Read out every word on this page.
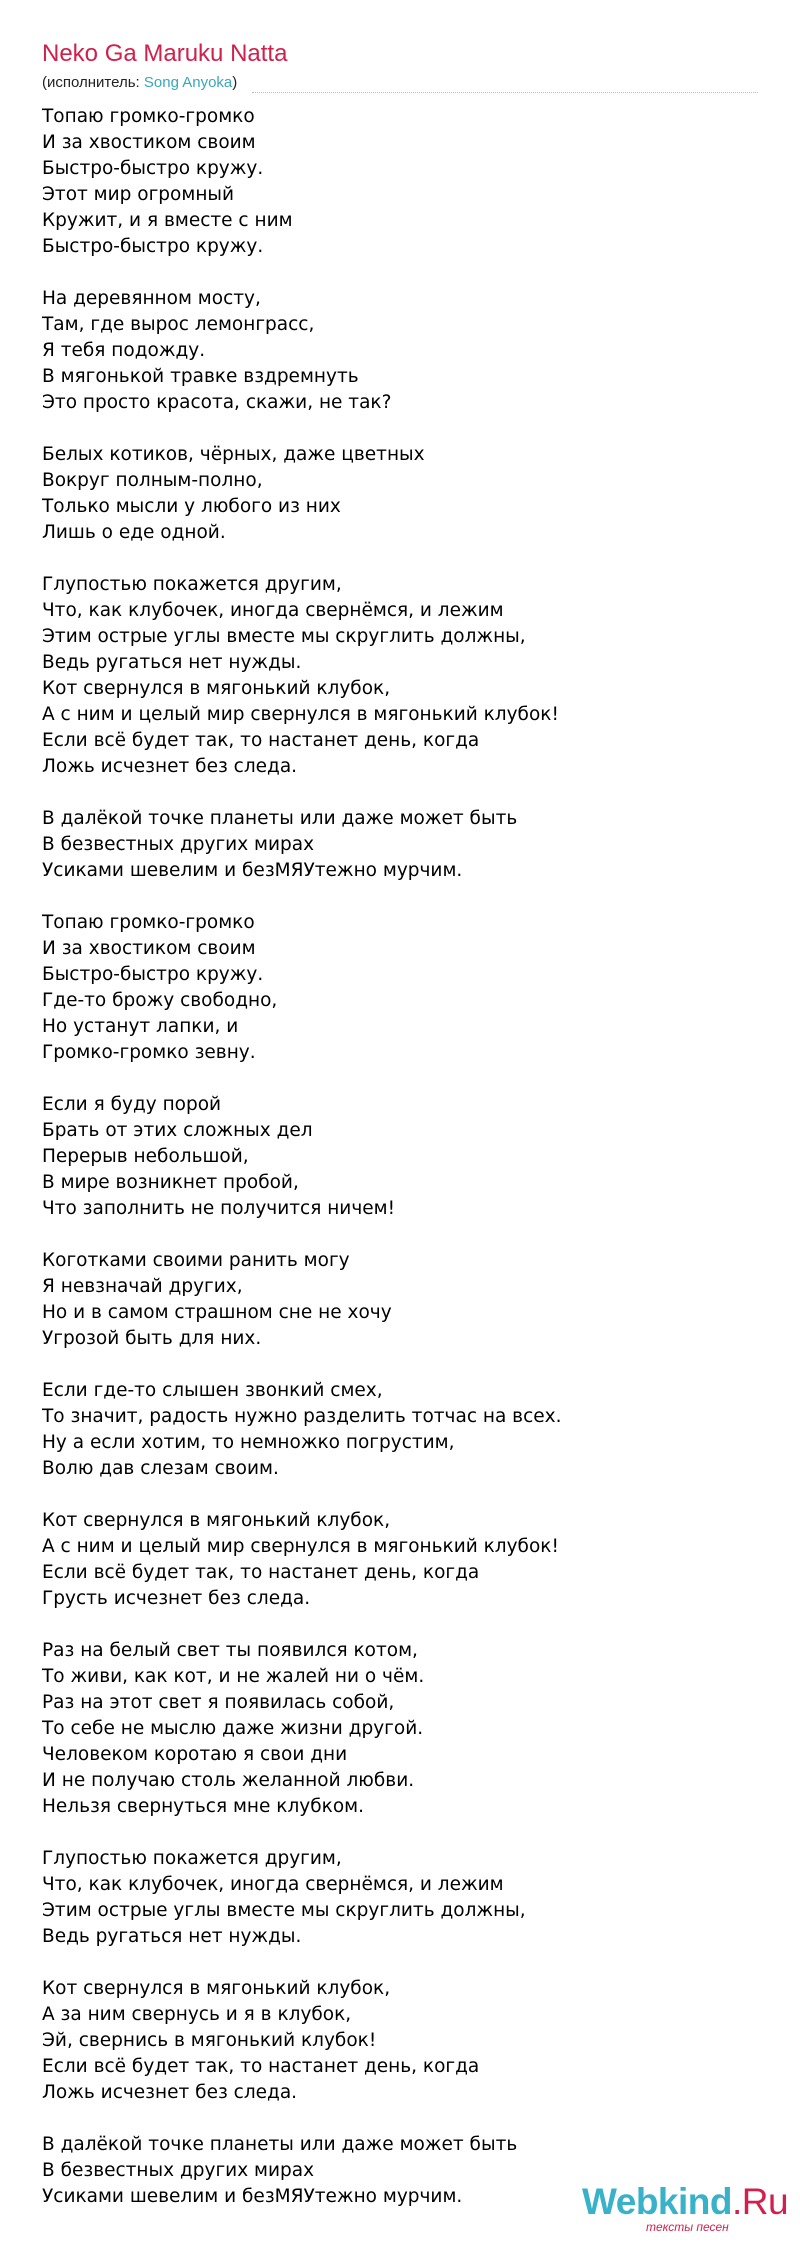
Neko Ga Maruku Natta
(исполнитель: Song Anyoka)
Топаю громко-громко
И за хвостиком своим
Быстро-быстро кружу.
Этот мир огромный
Кружит, и я вместе с ним
Быстро-быстро кружу.
На деревянном мосту,
Там, где вырос лемонграсс,
Я тебя подожду.
В мягонькой травке вздремнуть
Это просто красота, скажи, не так?
Белых котиков, чёрных, даже цветных
Вокруг полным-полно,
Только мысли у любого из них
Лишь о еде одной.
Глупостью покажется другим,
Что, как клубочек, иногда свернёмся, и лежим
Этим острые углы вместе мы скруглить должны,
Ведь ругаться нет нужды.
Кот свернулся в мягонький клубок,
А с ним и целый мир свернулся в мягонький клубок!
Если всё будет так, то настанет день, когда
Ложь исчезнет без следа.
В далёкой точке планеты или даже может быть
В безвестных других мирах
Усиками шевелим и безМЯУтежно мурчим.
Топаю громко-громко
И за хвостиком своим
Быстро-быстро кружу.
Где-то брожу свободно,
Но устанут лапки, и
Громко-громко зевну.
Если я буду порой
Брать от этих сложных дел
Перерыв небольшой,
В мире возникнет пробой,
Что заполнить не получится ничем!
Коготками своими ранить могу
Я невзначай других,
Но и в самом страшном сне не хочу
Угрозой быть для них.
Если где-то слышен звонкий смех,
То значит, радость нужно разделить тотчас на всех.
Ну а если хотим, то немножко погрустим,
Волю дав слезам своим.
Кот свернулся в мягонький клубок,
А с ним и целый мир свернулся в мягонький клубок!
Если всё будет так, то настанет день, когда
Грусть исчезнет без следа.
Раз на белый свет ты появился котом,
То живи, как кот, и не жалей ни о чём.
Раз на этот свет я появилась собой,
То себе не мыслю даже жизни другой.
Человеком коротаю я свои дни
И не получаю столь желанной любви.
Нельзя свернуться мне клубком.
Глупостью покажется другим,
Что, как клубочек, иногда свернёмся, и лежим
Этим острые углы вместе мы скруглить должны,
Ведь ругаться нет нужды.
Кот свернулся в мягонький клубок,
А за ним свернусь и я в клубок,
Эй, свернись в мягонький клубок!
Если всё будет так, то настанет день, когда
Ложь исчезнет без следа.
В далёкой точке планеты или даже может быть
В безвестных других мирах
Усиками шевелим и безМЯУтежно мурчим.	Webkind.Ru
тексты песен
